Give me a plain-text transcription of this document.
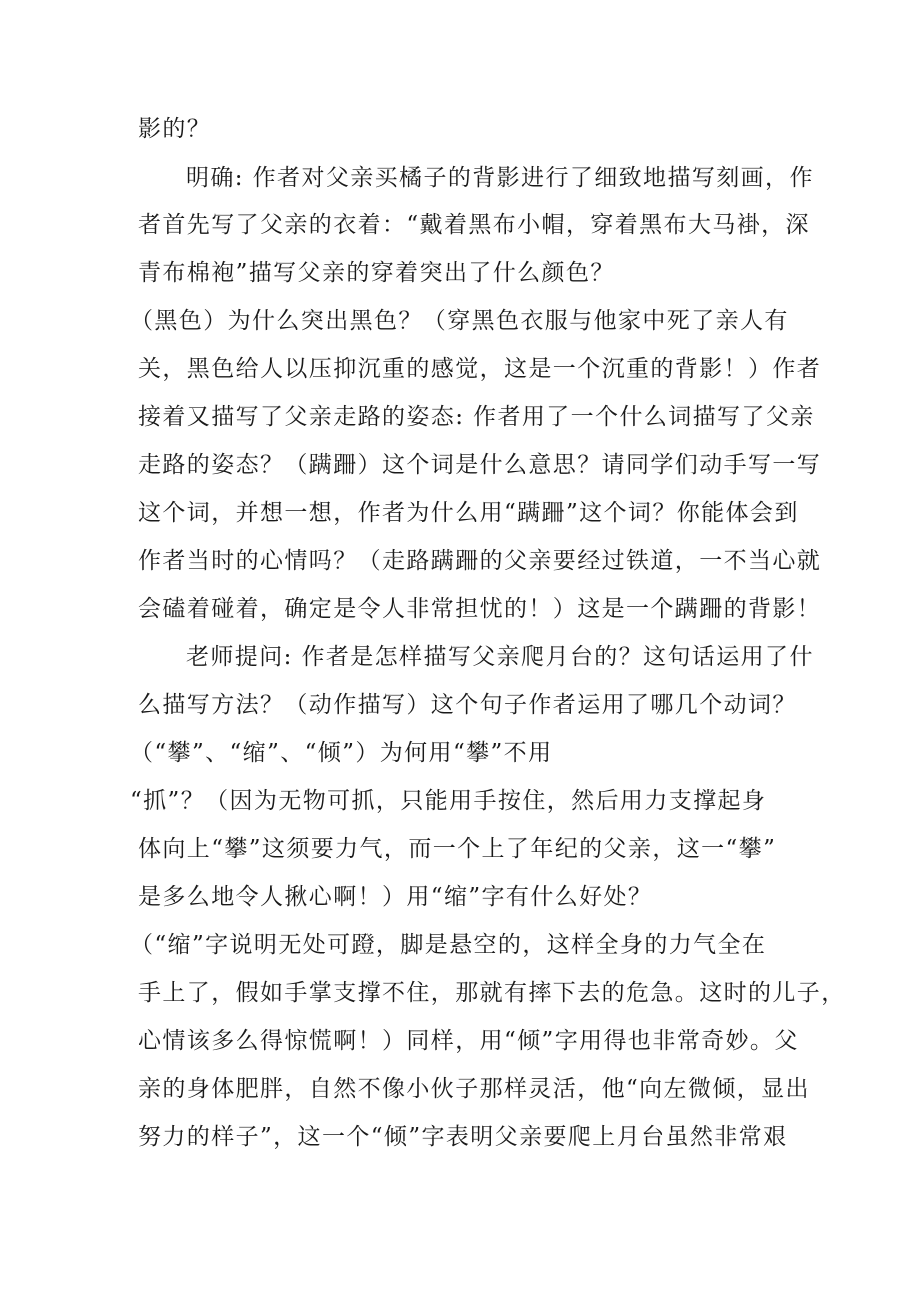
影的？
明确: 作者对父亲买橘子的背影进行了细致地描写刻画，作
者首先写了父亲的衣着：“戴着黑布小帽，穿着黑布大马褂，深
青布棉袍”描写父亲的穿着突出了什么颜色？
（黑色）为什么突出黑色？（穿黑色衣服与他家中死了亲人有
关，黑色给人以压抑沉重的感觉，这是一个沉重的背影！）作者
接着又描写了父亲走路的姿态: 作者用了一个什么词描写了父亲
走路的姿态？（蹒跚）这个词是什么意思？请同学们动手写一写
这个词，并想一想，作者为什么用“蹒跚”这个词？你能体会到
作者当时的心情吗？（走路蹒跚的父亲要经过铁道，一不当心就
会磕着碰着，确定是令人非常担忧的！）这是一个蹒跚的背影！
老师提问: 作者是怎样描写父亲爬月台的？这句话运用了什
么描写方法？（动作描写）这个句子作者运用了哪几个动词？
（“攀”、“缩”、“倾”）为何用“攀”不用
“抓”？（因为无物可抓，只能用手按住，然后用力支撑起身
体向上“攀”这须要力气，而一个上了年纪的父亲，这一“攀”
是多么地令人揪心啊！）用“缩”字有什么好处？
（“缩”字说明无处可蹬，脚是悬空的，这样全身的力气全在
手上了，假如手掌支撑不住，那就有摔下去的危急。这时的儿子，
心情该多么得惊慌啊！）同样，用“倾”字用得也非常奇妙。父
亲的身体肥胖，自然不像小伙子那样灵活，他“向左微倾，显出
努力的样子”，这一个“倾”字表明父亲要爬上月台虽然非常艰
